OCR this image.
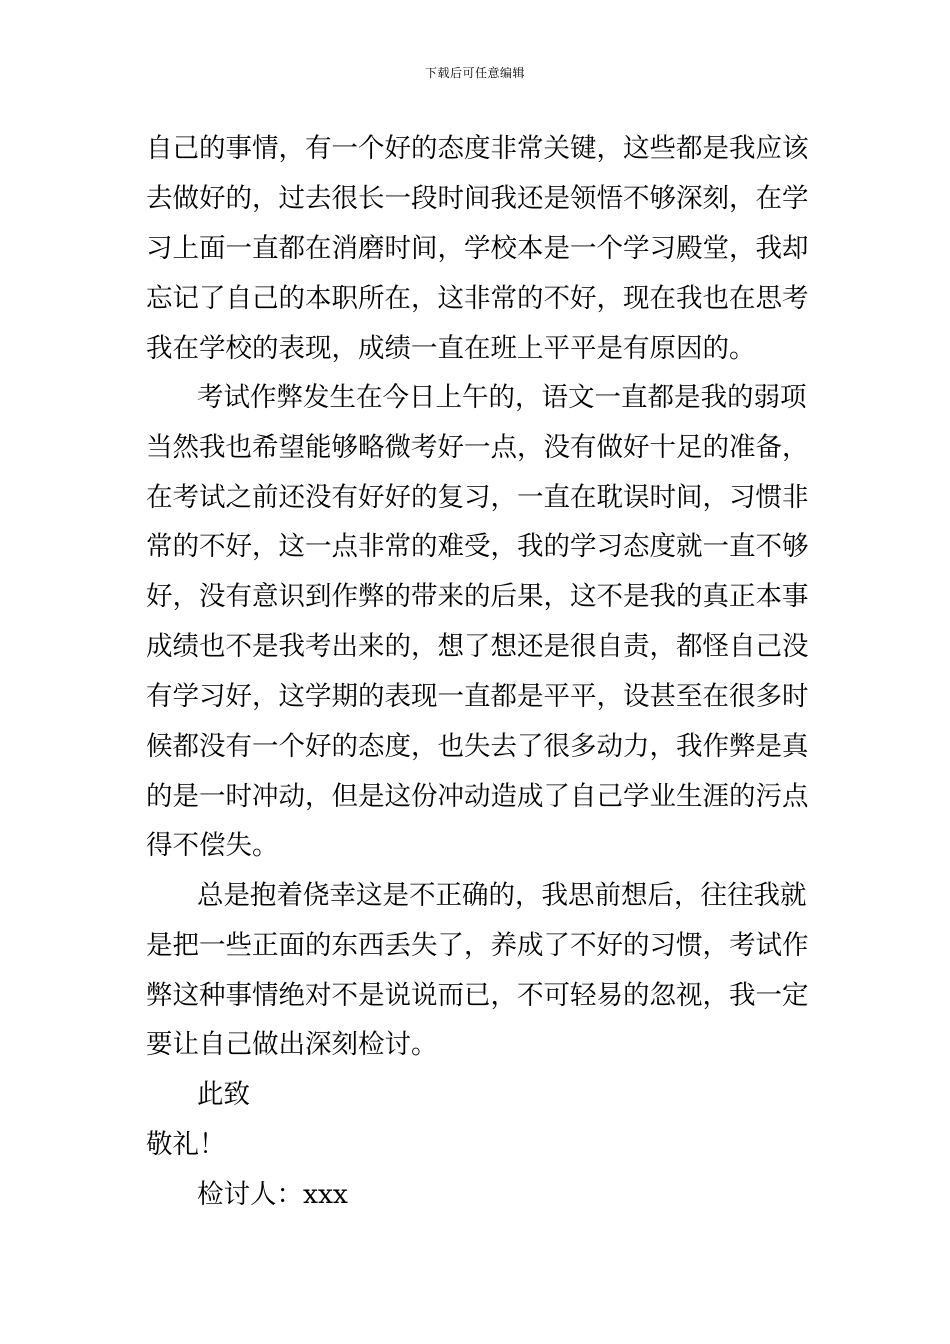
下载后可任意编辑
自己的事情，有一个好的态度非常关键，这些都是我应该
去做好的，过去很长一段时间我还是领悟不够深刻，在学
习上面一直都在消磨时间，学校本是一个学习殿堂，我却
忘记了自己的本职所在，这非常的不好，现在我也在思考
我在学校的表现，成绩一直在班上平平是有原因的。
考试作弊发生在今日上午的，语文一直都是我的弱项
当然我也希望能够略微考好一点，没有做好十足的准备，
在考试之前还没有好好的复习，一直在耽误时间，习惯非
常的不好，这一点非常的难受，我的学习态度就一直不够
好，没有意识到作弊的带来的后果，这不是我的真正本事
成绩也不是我考出来的，想了想还是很自责，都怪自己没
有学习好，这学期的表现一直都是平平，设甚至在很多时
候都没有一个好的态度，也失去了很多动力，我作弊是真
的是一时冲动，但是这份冲动造成了自己学业生涯的污点
得不偿失。
总是抱着侥幸这是不正确的，我思前想后，往往我就
是把一些正面的东西丢失了，养成了不好的习惯，考试作
弊这种事情绝对不是说说而已，不可轻易的忽视，我一定
要让自己做出深刻检讨。
此致
敬礼！
检讨人：xxx
